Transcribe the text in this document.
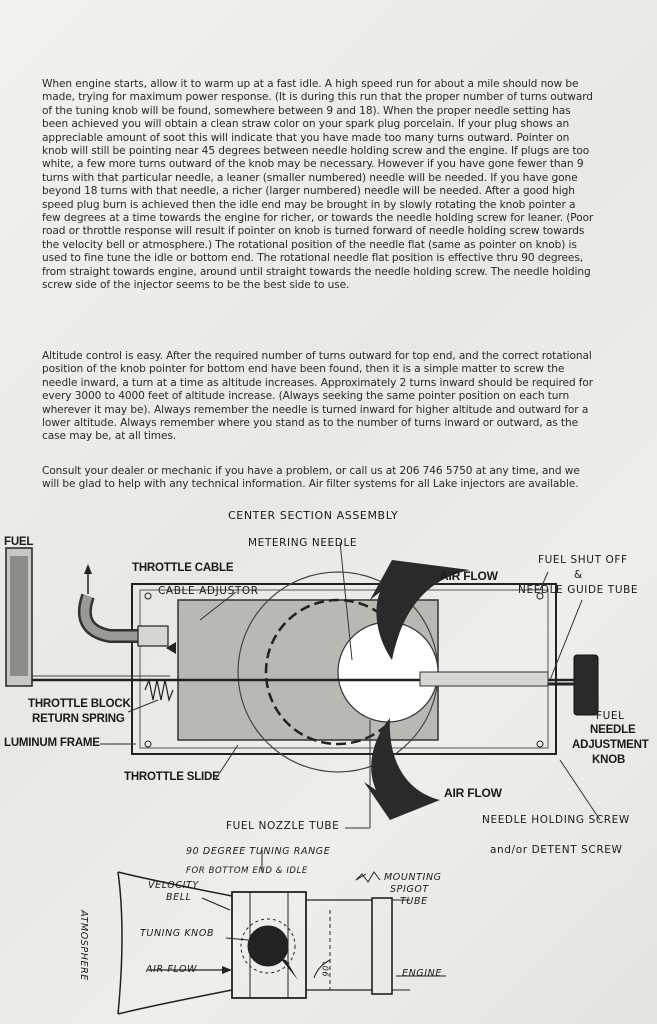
When engine starts, allow it to warm up at a fast idle. A high speed run for about a mile should now be made, trying for maximum power response. (It is during this run that the proper number of turns outward of the tuning knob will be found, somewhere between 9 and 18). When the proper needle setting has been achieved you will obtain a clean straw color on your spark plug porcelain. If your plug shows an appreciable amount of soot this will indicate that you have made too many turns outward. Pointer on knob will still be pointing near 45 degrees between needle holding screw and the engine. If plugs are too white, a few more turns outward of the knob may be necessary. However if you have gone fewer than 9 turns with that particular needle, a leaner (smaller numbered) needle will be needed. If you have gone beyond 18 turns with that needle, a richer (larger numbered) needle will be needed. After a good high speed plug burn is achieved then the idle end may be brought in by slowly rotating the knob pointer a few degrees at a time towards the engine for richer, or towards the needle holding screw for leaner. (Poor road or throttle response will result if pointer on knob is turned forward of needle holding screw towards the velocity bell or atmosphere.) The rotational position of the needle flat (same as pointer on knob) is used to fine tune the idle or bottom end. The rotational needle flat position is effective thru 90 degrees, from straight towards engine, around until straight towards the needle holding screw. The needle holding screw side of the injector seems to be the best side to use.

Altitude control is easy. After the required number of turns outward for top end, and the correct rotational position of the knob pointer for bottom end have been found, then it is a simple matter to screw the needle inward, a turn at a time as altitude increases. Approximately 2 turns inward should be required for every 3000 to 4000 feet of altitude increase. (Always seeking the same pointer position on each turn wherever it may be). Always remember the needle is turned inward for higher altitude and outward for a lower altitude. Always remember where you stand as to the number of turns inward or outward, as the case may be, at all times.

Consult your dealer or mechanic if you have a problem, or call us at 206 746 5750 at any time, and we will be glad to help with any technical information. Air filter systems for all Lake injectors are available.

CENTER SECTION ASSEMBLY
FUEL	METERING NEEDLE
THROTTLE CABLE
CABLE ADJUSTOR
AIR FLOW
FUEL SHUT OFF
&
NEEDLE GUIDE TUBE
THROTTLE BLOCK
RETURN SPRING
LUMINUM FRAME
FUEL
NEEDLE
ADJUSTMENT
KNOB
THROTTLE SLIDE
AIR FLOW
FUEL NOZZLE TUBE	NEEDLE HOLDING SCREW
and/or DETENT SCREW
90 DEGREE TUNING RANGE
FOR BOTTOM END & IDLE
VELOCITY
BELL
MOUNTING
SPIGOT
TUBE
TUNING KNOB
AIR FLOW	ENGINE
90°
ATMOSPHERE
